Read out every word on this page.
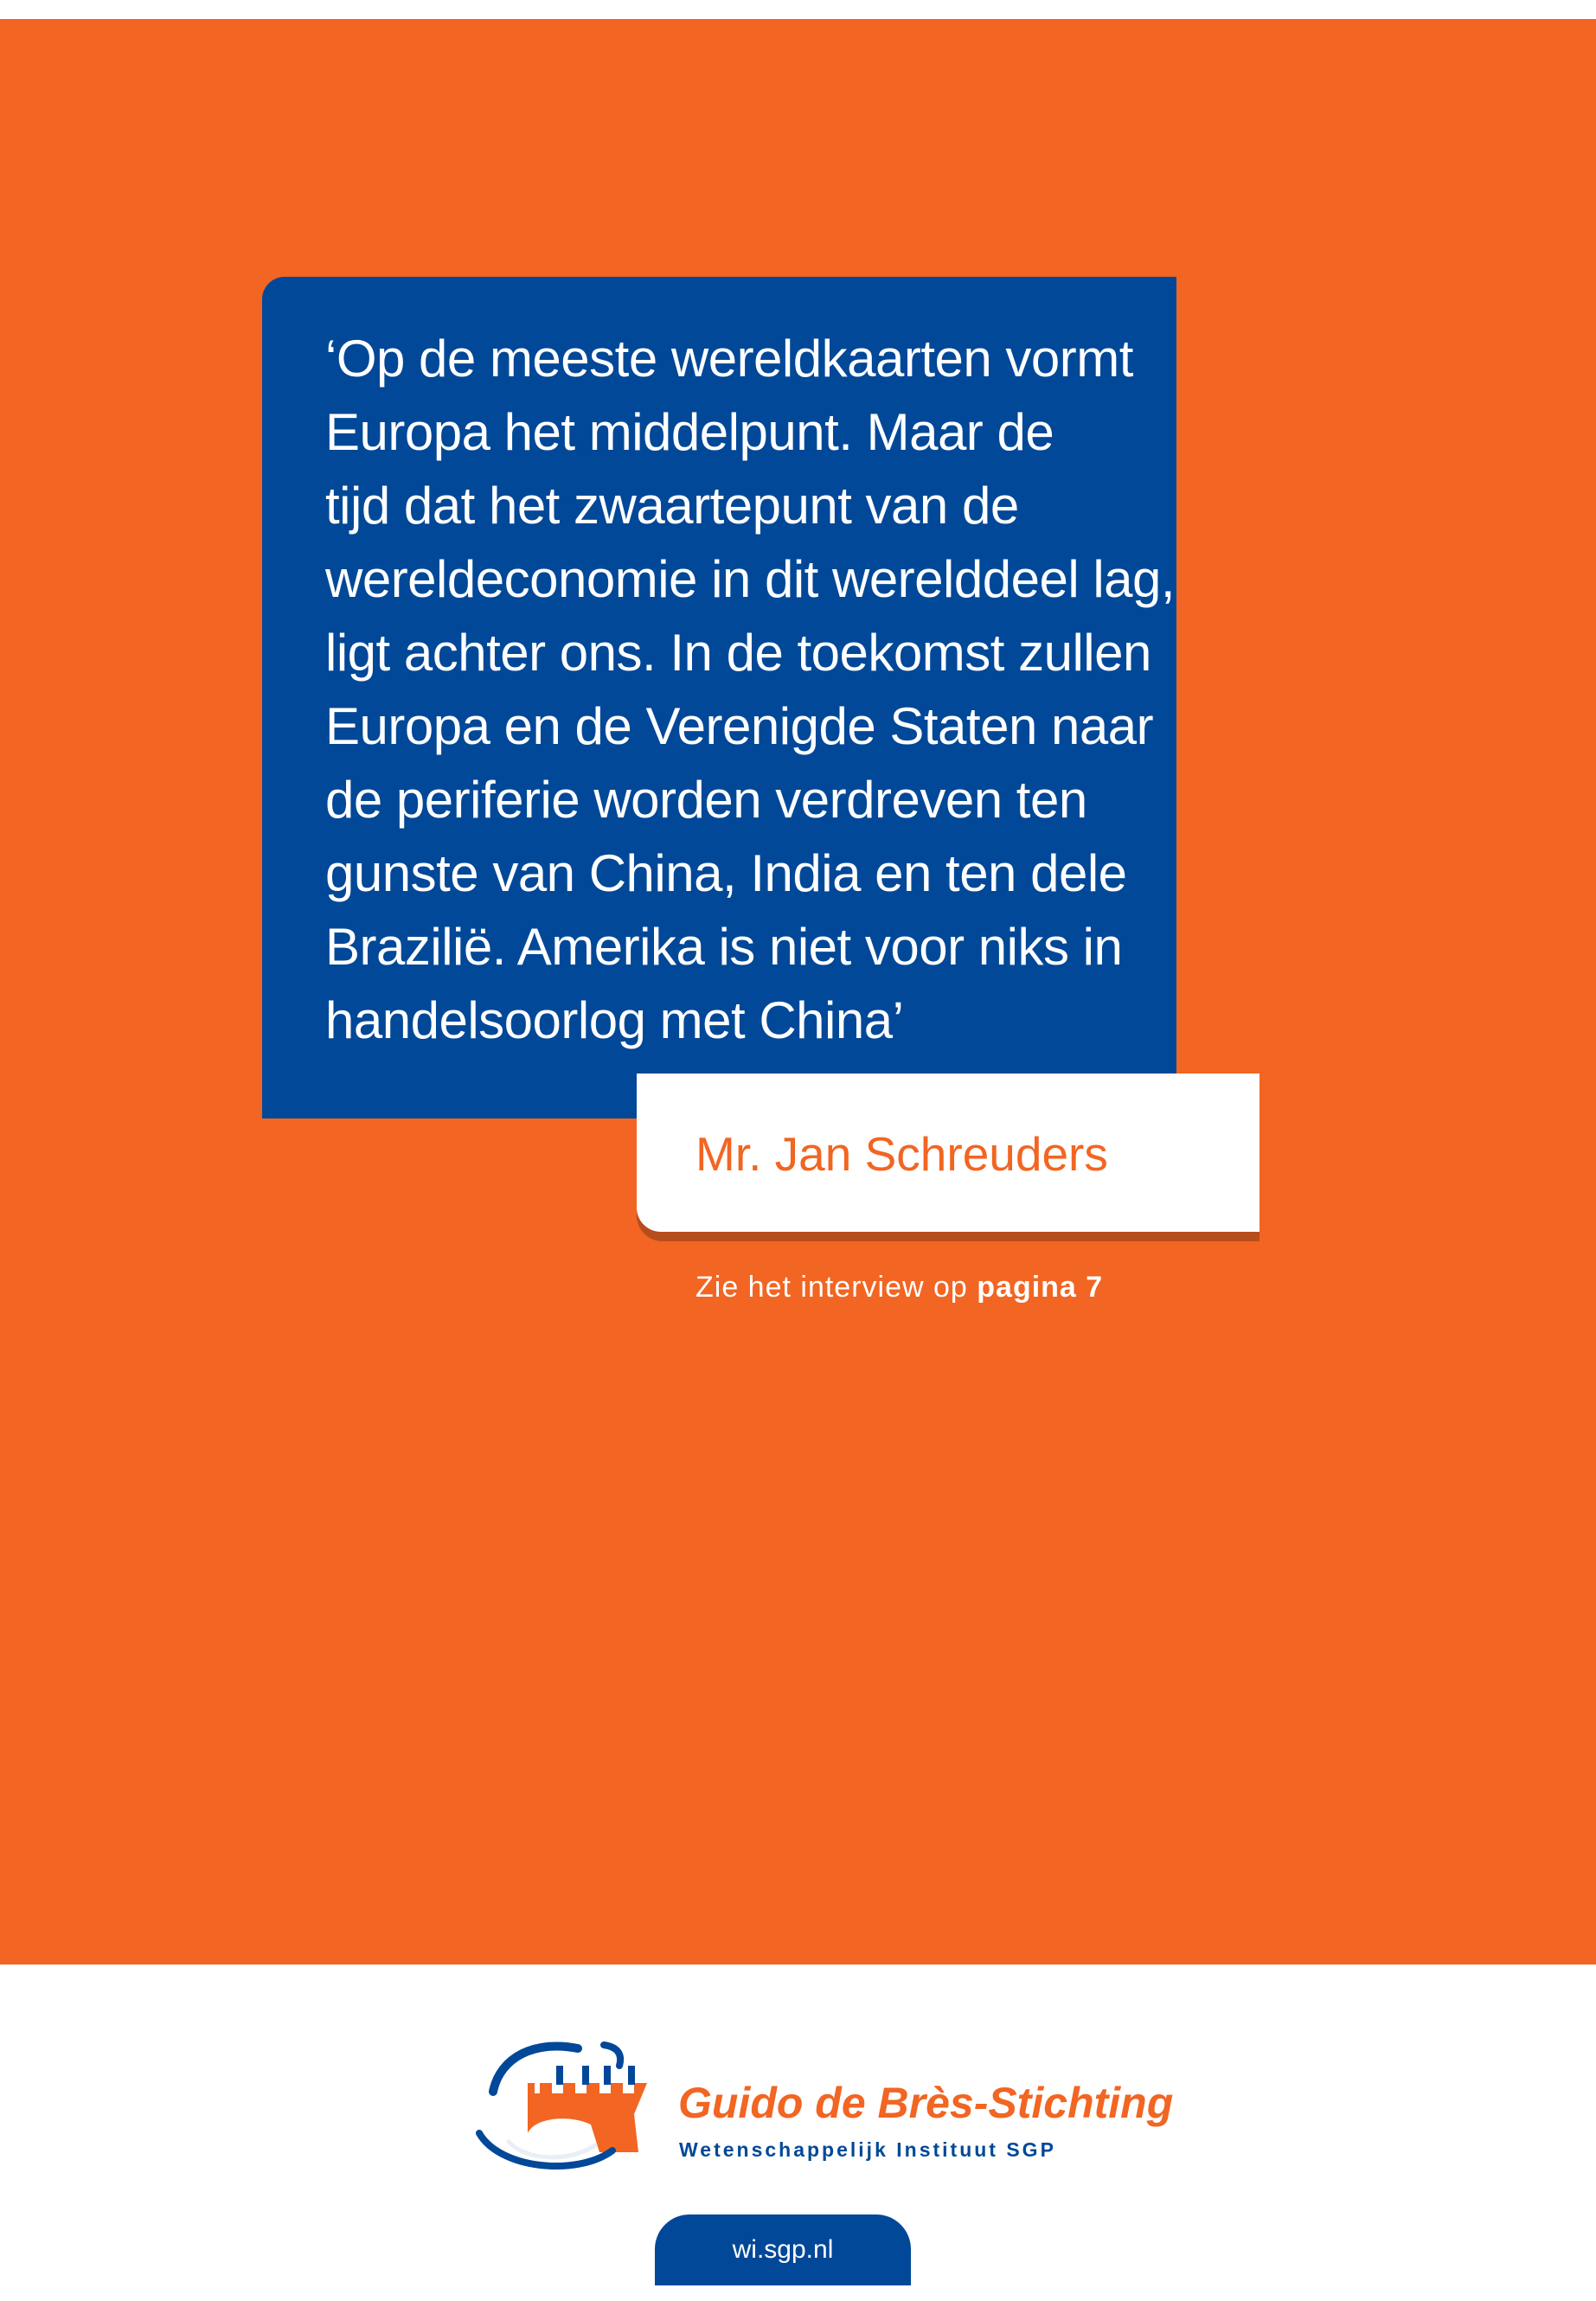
‘Op de meeste wereldkaarten vormt
Europa het middelpunt. Maar de
tijd dat het zwaartepunt van de
wereldeconomie in dit werelddeel lag,
ligt achter ons. In de toekomst zullen
Europa en de Verenigde Staten naar
de periferie worden verdreven ten
gunste van China, India en ten dele
Brazilië. Amerika is niet voor niks in
handelsoorlog met China’

Mr. Jan Schreuders
Zie het interview op pagina 7
Guido de Brès-Stichting
Wetenschappelijk Instituut SGP
wi.sgp.nl
